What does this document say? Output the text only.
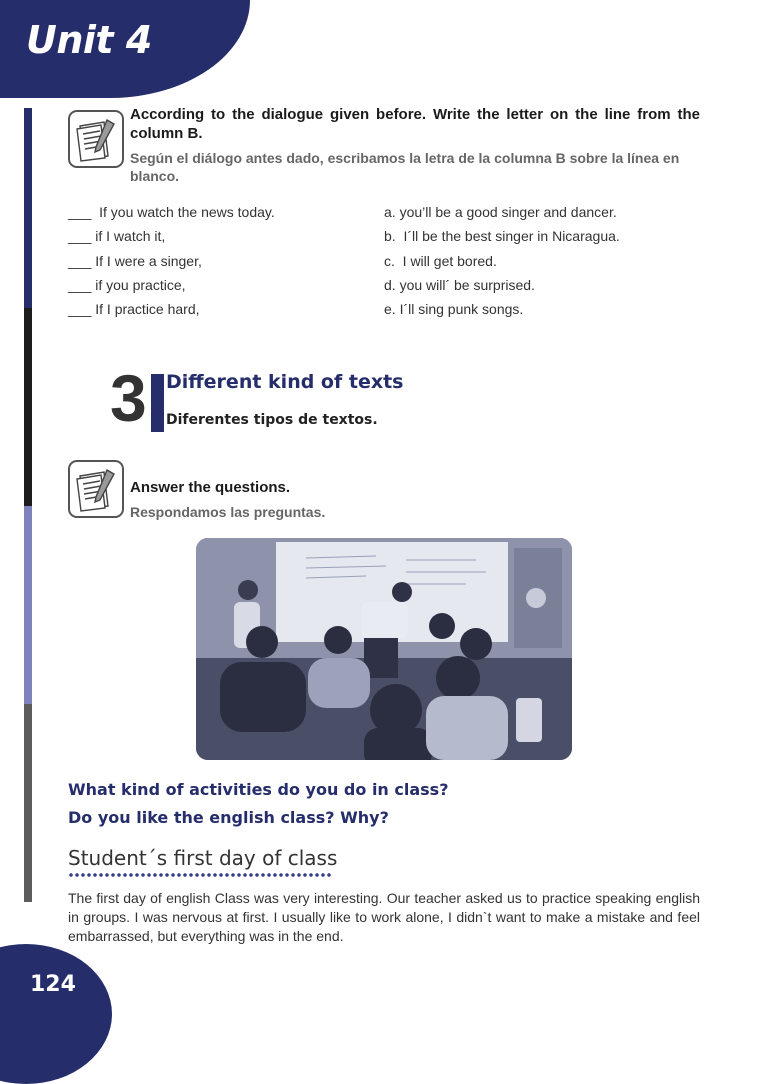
Unit 4
According to the dialogue given before. Write the letter on the line from the column B.
Según el diálogo antes dado, escribamos la letra de la columna B sobre la línea en blanco.
___  If you watch the news today.
___ if I watch it,
___ If I were a singer,
___ if you practice,
___ If I practice hard,
a. you’ll be a good singer and dancer.
b.  I´ll be the best singer in Nicaragua.
c.  I will get bored.
d. you will´ be surprised.
e. I´ll sing punk songs.
3 Different kind of texts
Diferentes tipos de textos.
Answer the questions.
Respondamos las preguntas.
What kind of activities do you do in class?
Do you like the english class? Why?
Student´s first day of class
The first day of english Class was very interesting. Our teacher asked us to practice speaking english in groups. I was nervous at first. I usually like to work alone, I didn`t want to make a mistake and feel embarrassed, but everything was in the end.
124
